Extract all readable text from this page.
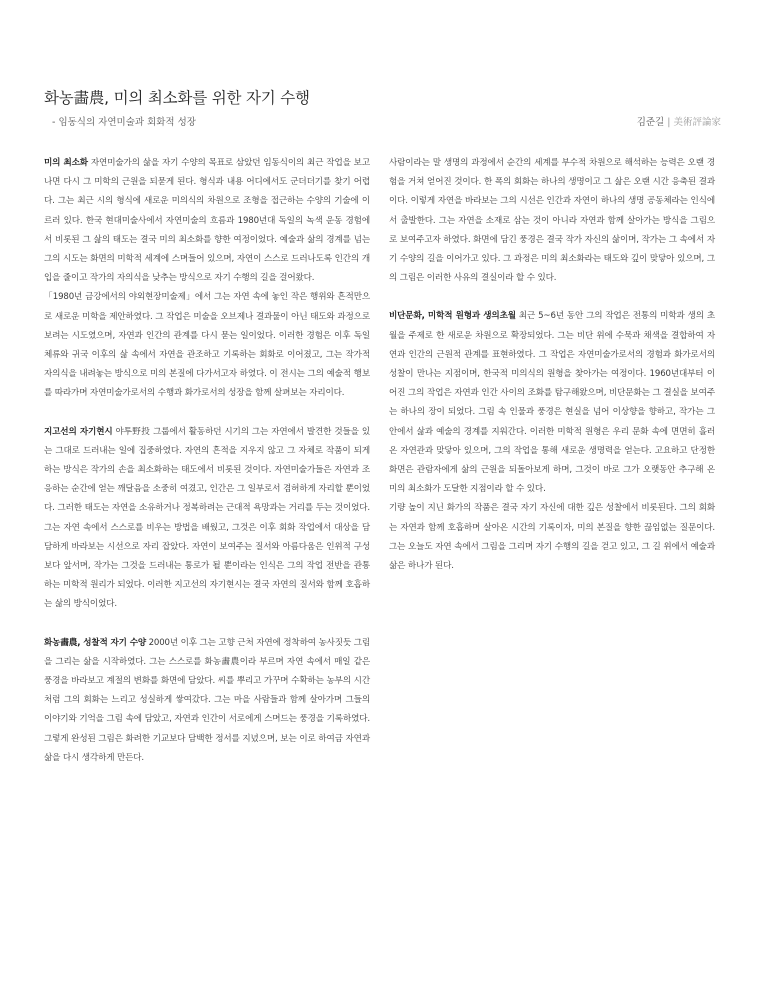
화농畵農, 미의 최소화를 위한 자기 수행
- 임동식의 자연미술과 회화적 성장	김준길 | 美術評論家

미의 최소화 자연미술가의 삶을 자기 수양의 목표로 삼았던 임동식이의 최근 작업을 보고 나면 다시 그 미학의 근원을 되묻게 된다. 형식과 내용 어디에서도 군더더기를 찾기 어렵다. 그는 최근 시의 형식에 새로운 미의식의 차원으로 조형을 접근하는 수양의 기술에 이르러 있다. 한국 현대미술사에서 자연미술의 흐름과 1980년대 독일의 녹색 운동 경험에서 비롯된 그 삶의 태도는 결국 미의 최소화를 향한 여정이었다. 예술과 삶의 경계를 넘는 그의 시도는 화면의 미학적 세계에 스며들어 있으며, 자연이 스스로 드러나도록 인간의 개입을 줄이고 작가의 자의식을 낮추는 방식으로 자기 수행의 길을 걸어왔다.

「1980년 금강에서의 야외현장미술제」에서 그는 자연 속에 놓인 작은 행위와 흔적만으로 새로운 미학을 제안하였다. 그 작업은 미술을 오브제나 결과물이 아닌 태도와 과정으로 보려는 시도였으며, 자연과 인간의 관계를 다시 묻는 일이었다. 이러한 경험은 이후 독일 체류와 귀국 이후의 삶 속에서 자연을 관조하고 기록하는 회화로 이어졌고, 그는 작가적 자의식을 내려놓는 방식으로 미의 본질에 다가서고자 하였다. 이 전시는 그의 예술적 행보를 따라가며 자연미술가로서의 수행과 화가로서의 성장을 함께 살펴보는 자리이다.

지고선의 자기현시 야투野投 그룹에서 활동하던 시기의 그는 자연에서 발견한 것들을 있는 그대로 드러내는 일에 집중하였다. 자연의 흔적을 지우지 않고 그 자체로 작품이 되게 하는 방식은 작가의 손을 최소화하는 태도에서 비롯된 것이다. 자연미술가들은 자연과 조응하는 순간에 얻는 깨달음을 소중히 여겼고, 인간은 그 일부로서 겸허하게 자리할 뿐이었다. 그러한 태도는 자연을 소유하거나 정복하려는 근대적 욕망과는 거리를 두는 것이었다. 그는 자연 속에서 스스로를 비우는 방법을 배웠고, 그것은 이후 회화 작업에서 대상을 담담하게 바라보는 시선으로 자리 잡았다. 자연이 보여주는 질서와 아름다움은 인위적 구성보다 앞서며, 작가는 그것을 드러내는 통로가 될 뿐이라는 인식은 그의 작업 전반을 관통하는 미학적 원리가 되었다. 이러한 지고선의 자기현시는 결국 자연의 질서와 함께 호흡하는 삶의 방식이었다.

화농畵農, 성찰적 자기 수양 2000년 이후 그는 고향 근처 자연에 정착하여 농사짓듯 그림을 그리는 삶을 시작하였다. 그는 스스로를 화농畵農이라 부르며 자연 속에서 매일 같은 풍경을 바라보고 계절의 변화를 화면에 담았다. 씨를 뿌리고 가꾸며 수확하는 농부의 시간처럼 그의 회화는 느리고 성실하게 쌓여갔다. 그는 마을 사람들과 함께 살아가며 그들의 이야기와 기억을 그림 속에 담았고, 자연과 인간이 서로에게 스며드는 풍경을 기록하였다. 그렇게 완성된 그림은 화려한 기교보다 담백한 정서를 지녔으며, 보는 이로 하여금 자연과 삶을 다시 생각하게 만든다.

사람이라는 말 생명의 과정에서 순간의 세계를 부수적 차원으로 해석하는 능력은 오랜 경험을 거쳐 얻어진 것이다. 한 폭의 회화는 하나의 생명이고 그 삶은 오랜 시간 응축된 결과이다. 이렇게 자연을 바라보는 그의 시선은 인간과 자연이 하나의 생명 공동체라는 인식에서 출발한다. 그는 자연을 소재로 삼는 것이 아니라 자연과 함께 살아가는 방식을 그림으로 보여주고자 하였다. 화면에 담긴 풍경은 결국 작가 자신의 삶이며, 작가는 그 속에서 자기 수양의 길을 이어가고 있다. 그 과정은 미의 최소화라는 태도와 깊이 맞닿아 있으며, 그의 그림은 이러한 사유의 결실이라 할 수 있다.

비단문화, 미학적 원형과 생의초월 최근 5~6년 동안 그의 작업은 전통의 미학과 생의 초월을 주제로 한 새로운 차원으로 확장되었다. 그는 비단 위에 수묵과 채색을 결합하여 자연과 인간의 근원적 관계를 표현하였다. 그 작업은 자연미술가로서의 경험과 화가로서의 성찰이 만나는 지점이며, 한국적 미의식의 원형을 찾아가는 여정이다. 1960년대부터 이어진 그의 작업은 자연과 인간 사이의 조화를 탐구해왔으며, 비단문화는 그 결실을 보여주는 하나의 장이 되었다. 그림 속 인물과 풍경은 현실을 넘어 이상향을 향하고, 작가는 그 안에서 삶과 예술의 경계를 지워간다. 이러한 미학적 원형은 우리 문화 속에 면면히 흘러온 자연관과 맞닿아 있으며, 그의 작업을 통해 새로운 생명력을 얻는다. 고요하고 단정한 화면은 관람자에게 삶의 근원을 되돌아보게 하며, 그것이 바로 그가 오랫동안 추구해 온 미의 최소화가 도달한 지점이라 할 수 있다.

기량 높이 지닌 화가의 작품은 결국 자기 자신에 대한 깊은 성찰에서 비롯된다. 그의 회화는 자연과 함께 호흡하며 살아온 시간의 기록이자, 미의 본질을 향한 끊임없는 질문이다. 그는 오늘도 자연 속에서 그림을 그리며 자기 수행의 길을 걷고 있고, 그 길 위에서 예술과 삶은 하나가 된다.
